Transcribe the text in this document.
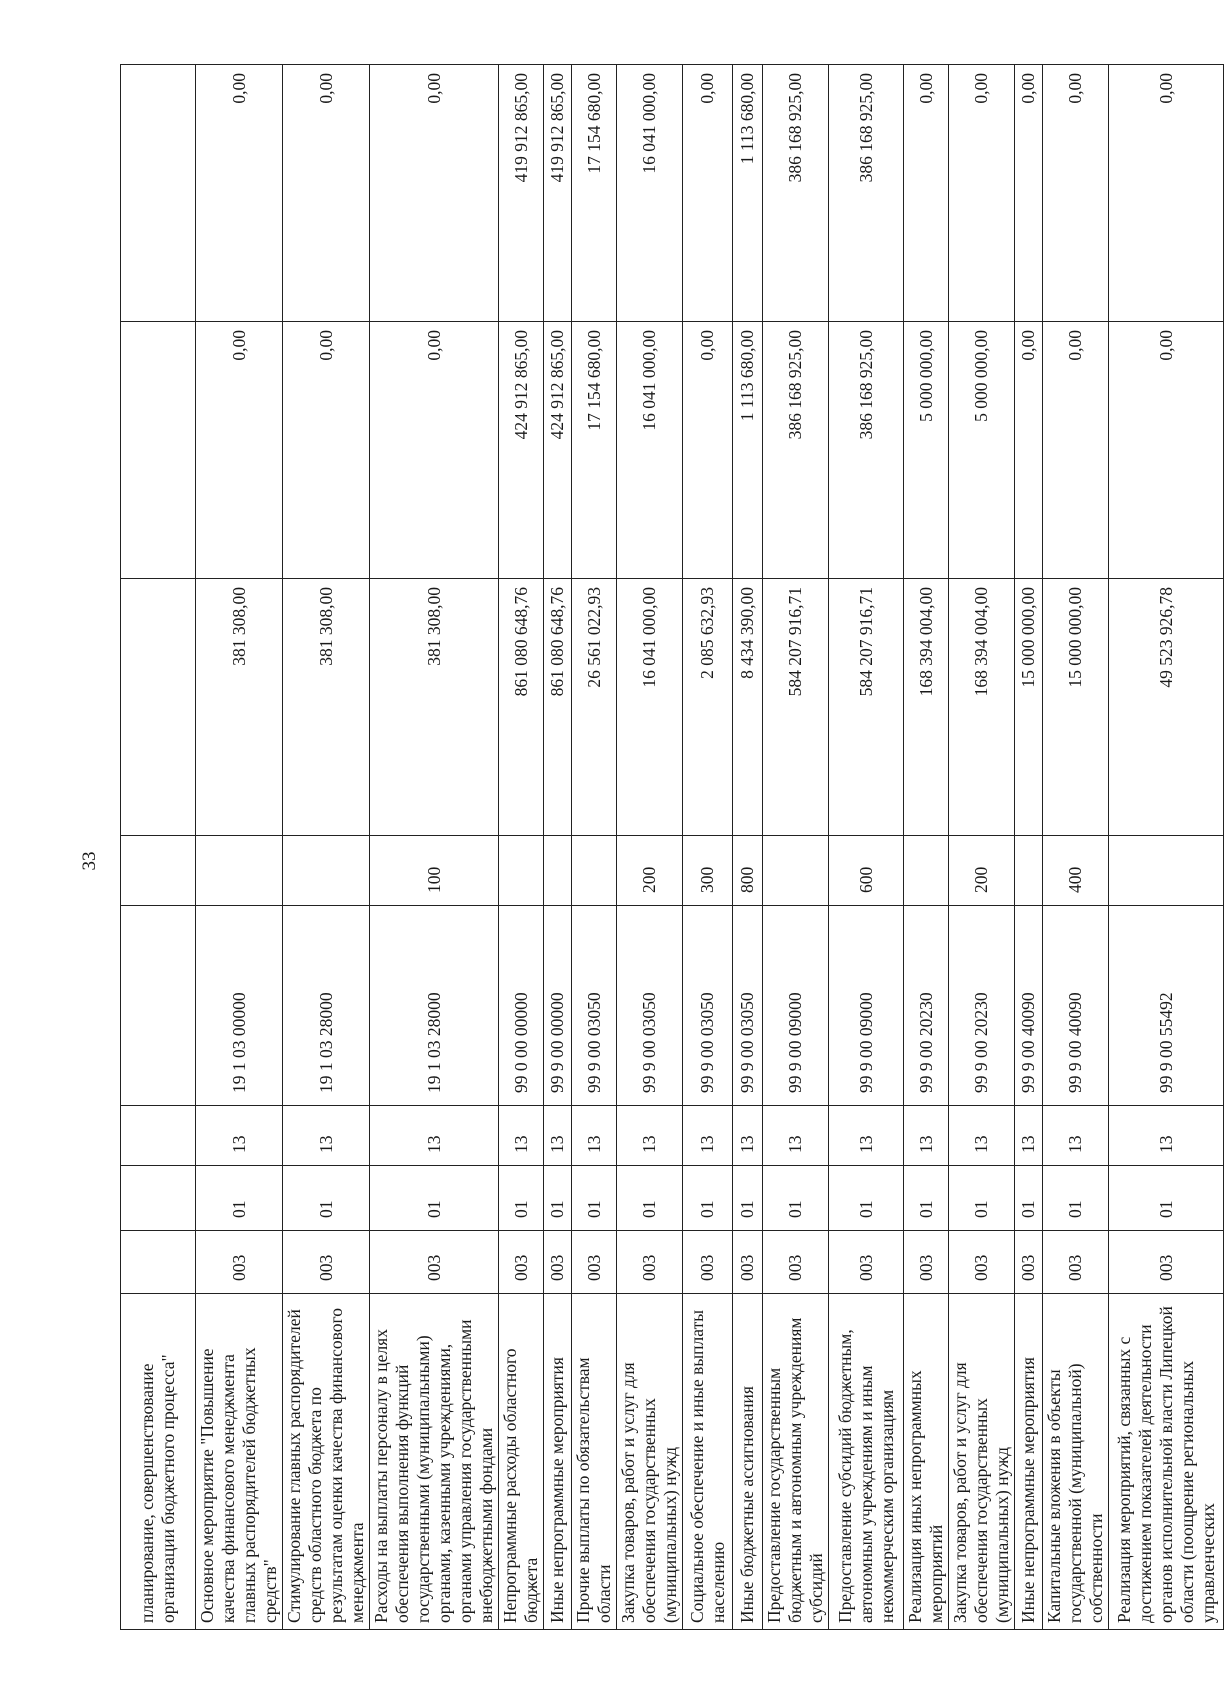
33
планирование, совершенствование организации бюджетного процесса"								
Основное мероприятие "Повышение качества финансового менеджмента главных распорядителей бюджетных средств"	003	01	13	19 1 03 00000		381 308,00	0,00	0,00
Стимулирование главных распорядителей средств областного бюджета по результатам оценки качества финансового менеджмента	003	01	13	19 1 03 28000		381 308,00	0,00	0,00
Расходы на выплаты персоналу в целях обеспечения выполнения функций государственными (муниципальными) органами, казенными учреждениями, органами управления государственными внебюджетными фондами	003	01	13	19 1 03 28000	100	381 308,00	0,00	0,00
Непрограммные расходы областного бюджета	003	01	13	99 0 00 00000		861 080 648,76	424 912 865,00	419 912 865,00
Иные непрограммные мероприятия	003	01	13	99 9 00 00000		861 080 648,76	424 912 865,00	419 912 865,00
Прочие выплаты по обязательствам области	003	01	13	99 9 00 03050		26 561 022,93	17 154 680,00	17 154 680,00
Закупка товаров, работ и услуг для обеспечения государственных (муниципальных) нужд	003	01	13	99 9 00 03050	200	16 041 000,00	16 041 000,00	16 041 000,00
Социальное обеспечение и иные выплаты населению	003	01	13	99 9 00 03050	300	2 085 632,93	0,00	0,00
Иные бюджетные ассигнования	003	01	13	99 9 00 03050	800	8 434 390,00	1 113 680,00	1 113 680,00
Предоставление государственным бюджетным и автономным учреждениям субсидий	003	01	13	99 9 00 09000		584 207 916,71	386 168 925,00	386 168 925,00
Предоставление субсидий бюджетным, автономным учреждениям и иным некоммерческим организациям	003	01	13	99 9 00 09000	600	584 207 916,71	386 168 925,00	386 168 925,00
Реализация иных непрограммных мероприятий	003	01	13	99 9 00 20230		168 394 004,00	5 000 000,00	0,00
Закупка товаров, работ и услуг для обеспечения государственных (муниципальных) нужд	003	01	13	99 9 00 20230	200	168 394 004,00	5 000 000,00	0,00
Иные непрограммные мероприятия	003	01	13	99 9 00 40090		15 000 000,00	0,00	0,00
Капитальные вложения в объекты государственной (муниципальной) собственности	003	01	13	99 9 00 40090	400	15 000 000,00	0,00	0,00
Реализация мероприятий, связанных с достижением показателей деятельности органов исполнительной власти Липецкой области (поощрение региональных управленческих	003	01	13	99 9 00 55492		49 523 926,78	0,00	0,00
